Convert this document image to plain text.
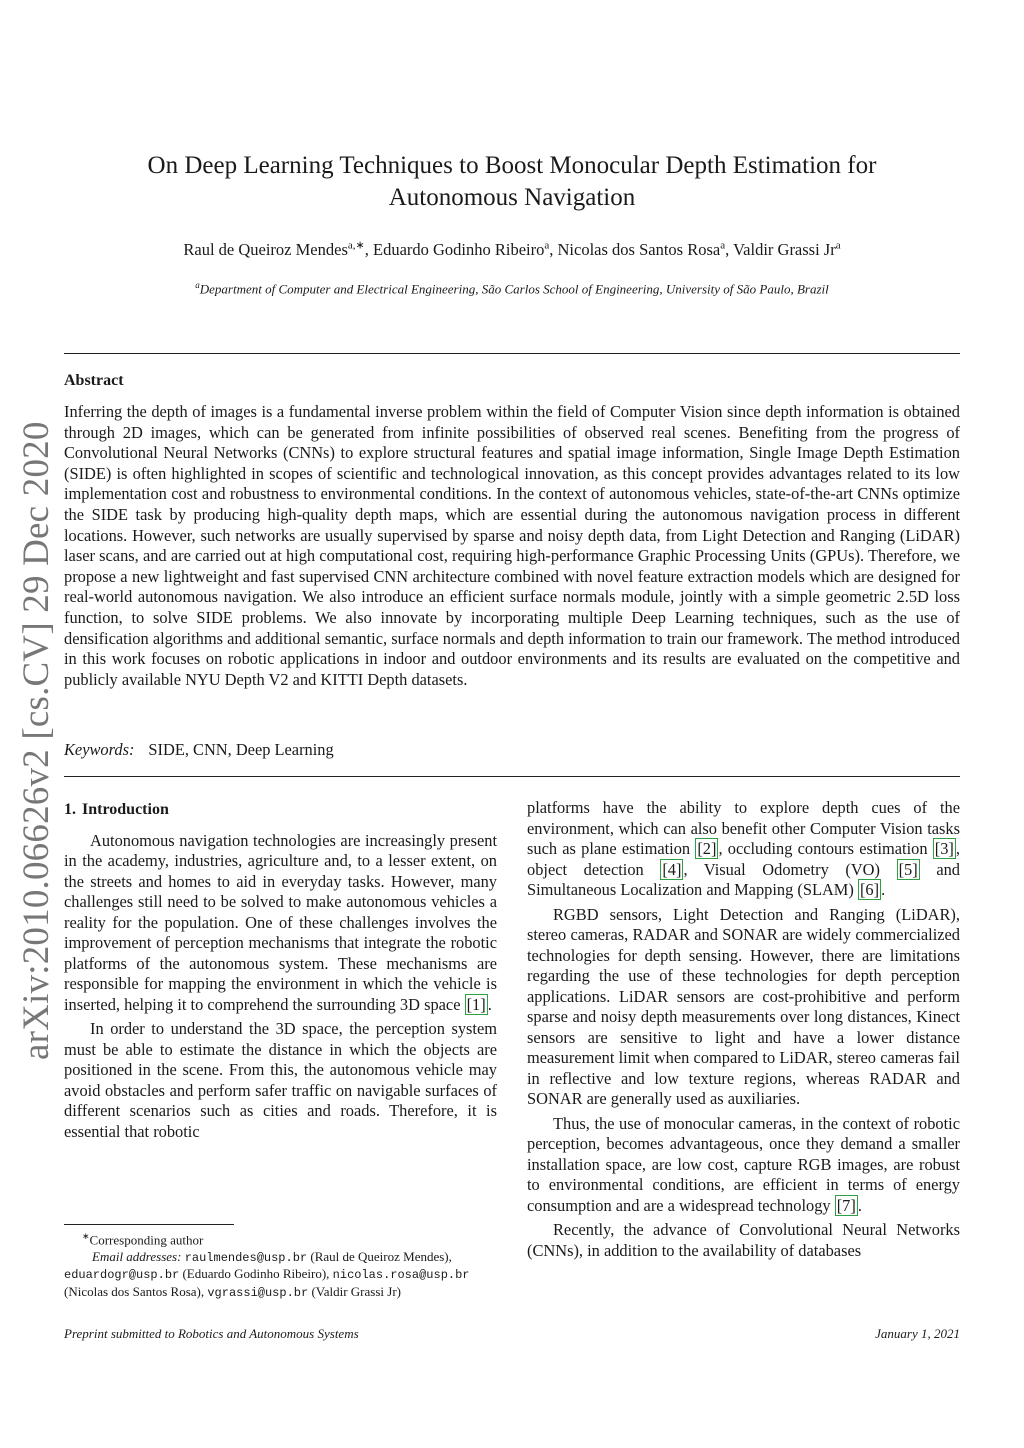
arXiv:2010.06626v2 [cs.CV] 29 Dec 2020
On Deep Learning Techniques to Boost Monocular Depth Estimation for
Autonomous Navigation
Raul de Queiroz Mendes$^{a,∗}$, Eduardo Godinho Ribeiro$^a$, Nicolas dos Santos Rosa$^a$, Valdir Grassi Jr$^a$
$^a$Department of Computer and Electrical Engineering, São Carlos School of Engineering, University of São Paulo, Brazil
Abstract
Inferring the depth of images is a fundamental inverse problem within the field of Computer Vision since depth information is obtained through 2D images, which can be generated from infinite possibilities of observed real scenes. Benefiting from the progress of Convolutional Neural Networks (CNNs) to explore structural features and spatial image information, Single Image Depth Estimation (SIDE) is often highlighted in scopes of scientific and technological innovation, as this concept provides advantages related to its low implementation cost and robustness to environmental conditions. In the context of autonomous vehicles, state-of-the-art CNNs optimize the SIDE task by producing high-quality depth maps, which are essential during the autonomous navigation process in different locations. However, such networks are usually supervised by sparse and noisy depth data, from Light Detection and Ranging (LiDAR) laser scans, and are carried out at high computational cost, requiring high-performance Graphic Processing Units (GPUs). Therefore, we propose a new lightweight and fast supervised CNN architecture combined with novel feature extraction models which are designed for real-world autonomous navigation. We also introduce an efficient surface normals module, jointly with a simple geometric 2.5D loss function, to solve SIDE problems. We also innovate by incorporating multiple Deep Learning techniques, such as the use of densification algorithms and additional semantic, surface normals and depth information to train our framework. The method introduced in this work focuses on robotic applications in indoor and outdoor environments and its results are evaluated on the competitive and publicly available NYU Depth V2 and KITTI Depth datasets.
Keywords: SIDE, CNN, Deep Learning
1. Introduction

Autonomous navigation technologies are increasingly present in the academy, industries, agriculture and, to a lesser extent, on the streets and homes to aid in everyday tasks. However, many challenges still need to be solved to make autonomous vehicles a reality for the population. One of these challenges involves the improvement of perception mechanisms that integrate the robotic platforms of the autonomous system. These mechanisms are responsible for mapping the environment in which the vehicle is inserted, helping it to comprehend the surrounding 3D space [1] .

In order to understand the 3D space, the perception system must be able to estimate the distance in which the objects are positioned in the scene. From this, the autonomous vehicle may avoid obstacles and perform safer traffic on navigable surfaces of different scenarios such as cities and roads. Therefore, it is essential that robotic

platforms have the ability to explore depth cues of the environment, which can also benefit other Computer Vision tasks such as plane estimation [2] , occluding contours estimation [3] , object detection [4] , Visual Odometry (VO) [5] and Simultaneous Localization and Mapping (SLAM) [6] .

RGBD sensors, Light Detection and Ranging (LiDAR), stereo cameras, RADAR and SONAR are widely commercialized technologies for depth sensing. However, there are limitations regarding the use of these technologies for depth perception applications. LiDAR sensors are cost-prohibitive and perform sparse and noisy depth measurements over long distances, Kinect sensors are sensitive to light and have a lower distance measurement limit when compared to LiDAR, stereo cameras fail in reflective and low texture regions, whereas RADAR and SONAR are generally used as auxiliaries.

Thus, the use of monocular cameras, in the context of robotic perception, becomes advantageous, once they demand a smaller installation space, are low cost, capture RGB images, are robust to environmental conditions, are efficient in terms of energy consumption and are a widespread technology [7] .

Recently, the advance of Convolutional Neural Networks (CNNs), in addition to the availability of databases

∗Corresponding author
Email addresses: raulmendes@usp.br (Raul de Queiroz Mendes), eduardogr@usp.br (Eduardo Godinho Ribeiro), nicolas.rosa@usp.br (Nicolas dos Santos Rosa), vgrassi@usp.br (Valdir Grassi Jr)
Preprint submitted to Robotics and Autonomous Systems	January 1, 2021
